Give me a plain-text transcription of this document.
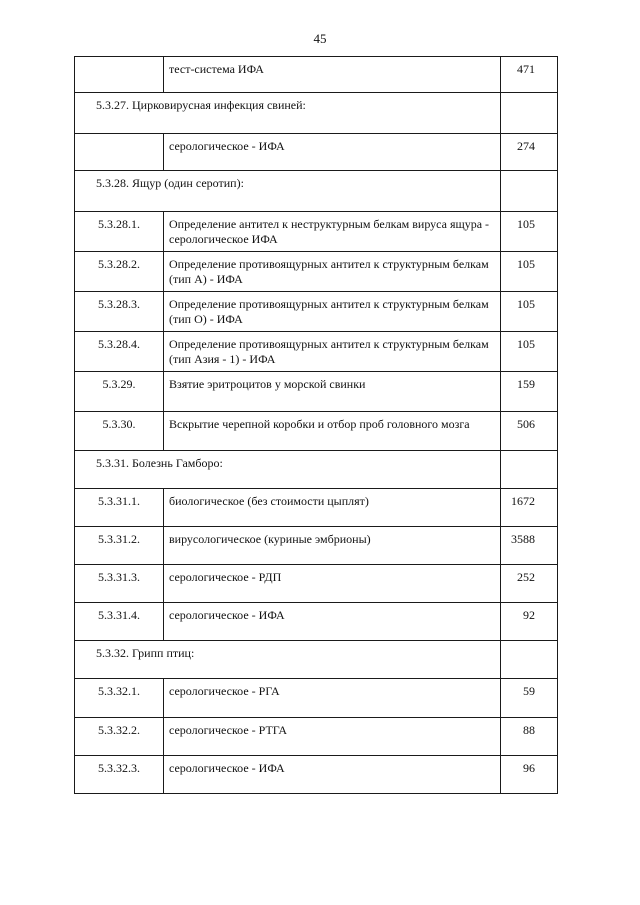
45
	тест-система ИФА	471
5.3.27. Цирковирусная инфекция свиней:		
	серологическое - ИФА	274
5.3.28. Ящур (один серотип):		
5.3.28.1.	Определение антител к неструктурным белкам вируса ящура - серологическое ИФА	105
5.3.28.2.	Определение противоящурных антител к структурным белкам (тип А) - ИФА	105
5.3.28.3.	Определение противоящурных антител к структурным белкам (тип О) - ИФА	105
5.3.28.4.	Определение противоящурных антител к структурным белкам (тип Азия - 1) - ИФА	105
5.3.29.	Взятие эритроцитов у морской свинки	159
5.3.30.	Вскрытие черепной коробки и отбор проб головного мозга	506
5.3.31. Болезнь Гамборо:		
5.3.31.1.	биологическое (без стоимости цыплят)	1672
5.3.31.2.	вирусологическое (куриные эмбрионы)	3588
5.3.31.3.	серологическое - РДП	252
5.3.31.4.	серологическое - ИФА	92
5.3.32. Грипп птиц:		
5.3.32.1.	серологическое - РГА	59
5.3.32.2.	серологическое - РТГА	88
5.3.32.3.	серологическое - ИФА	96
